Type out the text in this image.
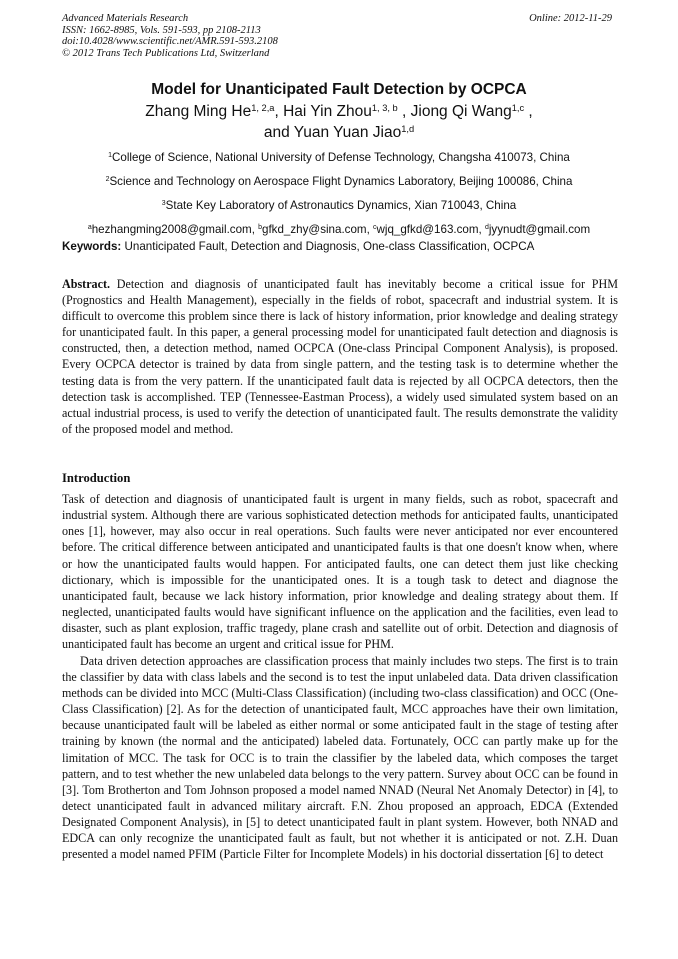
Advanced Materials Research
ISSN: 1662-8985, Vols. 591-593, pp 2108-2113
doi:10.4028/www.scientific.net/AMR.591-593.2108
© 2012 Trans Tech Publications Ltd, Switzerland
Online: 2012-11-29
Model for Unanticipated Fault Detection by OCPCA
Zhang Ming He$^{1, 2,a}$, Hai Yin Zhou$^{1, 3, b}$ , Jiong Qi Wang$^{1,c}$ ,
and Yuan Yuan Jiao$^{1,d}$
$^1$College of Science, National University of Defense Technology, Changsha 410073, China
$^2$Science and Technology on Aerospace Flight Dynamics Laboratory, Beijing 100086, China
$^3$State Key Laboratory of Astronautics Dynamics, Xian 710043, China
$^a$hezhangming2008@gmail.com, $^b$gfkd_zhy@sina.com, $^c$wjq_gfkd@163.com, $^d$jyynudt@gmail.com
Keywords: Unanticipated Fault, Detection and Diagnosis, One-class Classification, OCPCA
Abstract. Detection and diagnosis of unanticipated fault has inevitably become a critical issue for PHM (Prognostics and Health Management), especially in the fields of robot, spacecraft and industrial system. It is difficult to overcome this problem since there is lack of history information, prior knowledge and dealing strategy for unanticipated fault. In this paper, a general processing model for unanticipated fault detection and diagnosis is constructed, then, a detection method, named OCPCA (One-class Principal Component Analysis), is proposed. Every OCPCA detector is trained by data from single pattern, and the testing task is to determine whether the testing data is from the very pattern. If the unanticipated fault data is rejected by all OCPCA detectors, then the detection task is accomplished. TEP (Tennessee-Eastman Process), a widely used simulated system based on an actual industrial process, is used to verify the detection of unanticipated fault. The results demonstrate the validity of the proposed model and method.
Introduction

Task of detection and diagnosis of unanticipated fault is urgent in many fields, such as robot, spacecraft and industrial system. Although there are various sophisticated detection methods for anticipated faults, unanticipated ones [1], however, may also occur in real operations. Such faults were never anticipated nor ever encountered before. The critical difference between anticipated and unanticipated faults is that one doesn't know when, where or how the unanticipated faults would happen. For anticipated faults, one can detect them just like checking dictionary, which is impossible for the unanticipated ones. It is a tough task to detect and diagnose the unanticipated fault, because we lack history information, prior knowledge and dealing strategy about them. If neglected, unanticipated faults would have significant influence on the application and the facilities, even lead to disaster, such as plant explosion, traffic tragedy, plane crash and satellite out of orbit. Detection and diagnosis of unanticipated fault has become an urgent and critical issue for PHM.

Data driven detection approaches are classification process that mainly includes two steps. The first is to train the classifier by data with class labels and the second is to test the input unlabeled data. Data driven classification methods can be divided into MCC (Multi-Class Classification) (including two-class classification) and OCC (One-Class Classification) [2]. As for the detection of unanticipated fault, MCC approaches have their own limitation, because unanticipated fault will be labeled as either normal or some anticipated fault in the stage of testing after training by known (the normal and the anticipated) labeled data. Fortunately, OCC can partly make up for the limitation of MCC. The task for OCC is to train the classifier by the labeled data, which composes the target pattern, and to test whether the new unlabeled data belongs to the very pattern. Survey about OCC can be found in [3]. Tom Brotherton and Tom Johnson proposed a model named NNAD (Neural Net Anomaly Detector) in [4], to detect unanticipated fault in advanced military aircraft. F.N. Zhou proposed an approach, EDCA (Extended Designated Component Analysis), in [5] to detect unanticipated fault in plant system. However, both NNAD and EDCA can only recognize the unanticipated fault as fault, but not whether it is anticipated or not. Z.H. Duan presented a model named PFIM (Particle Filter for Incomplete Models) in his doctorial dissertation [6] to detect
